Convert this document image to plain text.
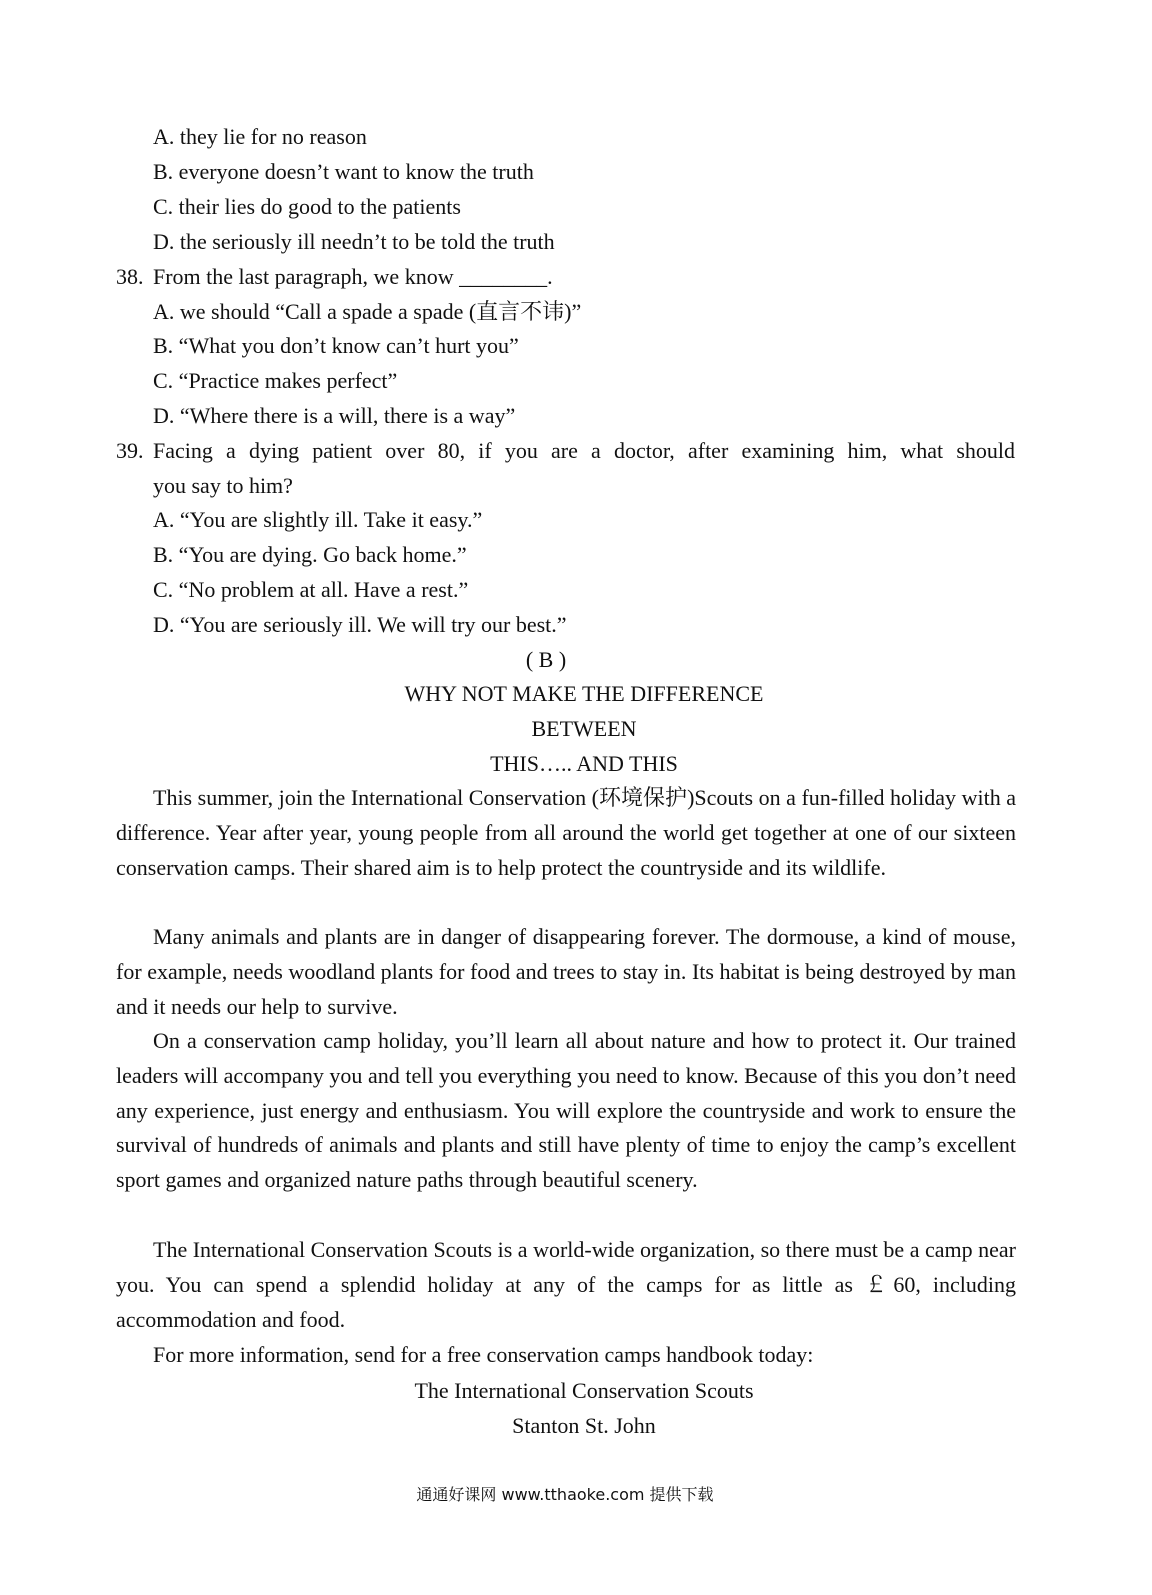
A. they lie for no reason
B. everyone doesn’t want to know the truth
C. their lies do good to the patients
D. the seriously ill needn’t to be told the truth
38. From the last paragraph, we know ________.
A. we should “Call a spade a spade (直言不讳)”
B. “What you don’t know can’t hurt you”
C. “Practice makes perfect”
D. “Where there is a will, there is a way”
39. Facing a dying patient over 80, if you are a doctor, after examining him, what should
you say to him?
A. “You are slightly ill. Take it easy.”
B. “You are dying. Go back home.”
C. “No problem at all. Have a rest.”
D. “You are seriously ill. We will try our best.”
( B )
WHY NOT MAKE THE DIFFERENCE
BETWEEN
THIS….. AND THIS
This summer, join the International Conservation (环境保护)Scouts on a fun-filled holiday with a difference. Year after year, young people from all around the world get together at one of our sixteen conservation camps. Their shared aim is to help protect the countryside and its wildlife.
Many animals and plants are in danger of disappearing forever. The dormouse, a kind of mouse, for example, needs woodland plants for food and trees to stay in. Its habitat is being destroyed by man and it needs our help to survive.
On a conservation camp holiday, you’ll learn all about nature and how to protect it. Our trained leaders will accompany you and tell you everything you need to know. Because of this you don’t need any experience, just energy and enthusiasm. You will explore the countryside and work to ensure the survival of hundreds of animals and plants and still have plenty of time to enjoy the camp’s excellent sport games and organized nature paths through beautiful scenery.
The International Conservation Scouts is a world-wide organization, so there must be a camp near you. You can spend a splendid holiday at any of the camps for as little as ￡60, including accommodation and food.
For more information, send for a free conservation camps handbook today:
The International Conservation Scouts
Stanton St. John
通通好课网 www.tthaoke.com 提供下载
